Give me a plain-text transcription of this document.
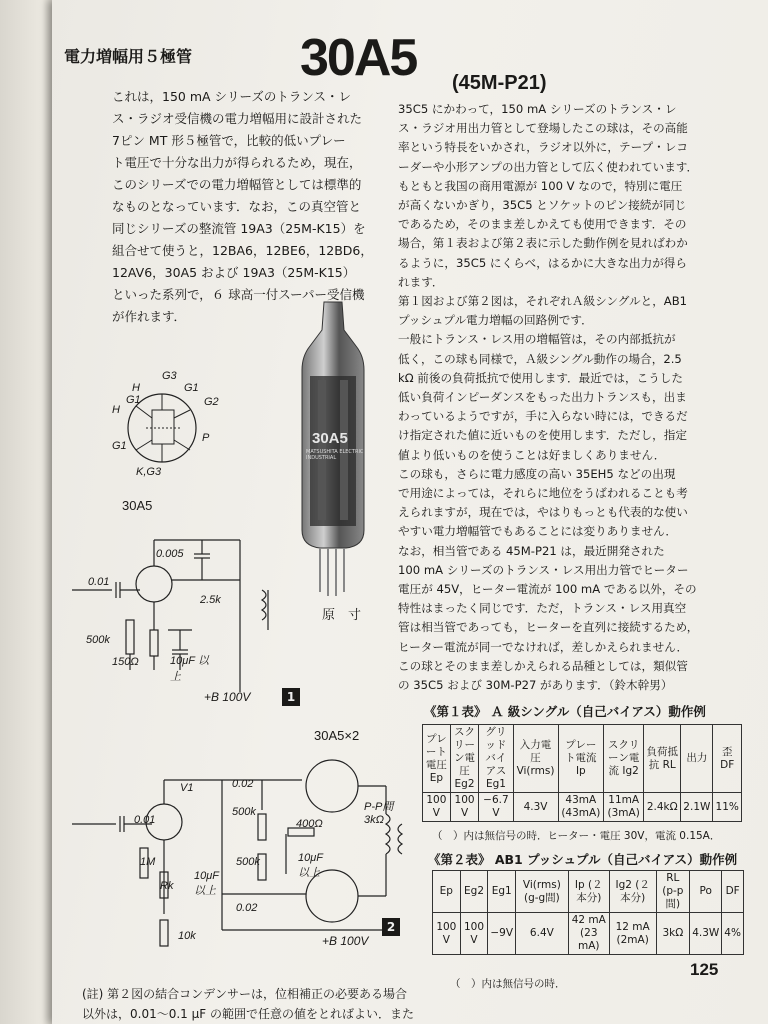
電力増幅用５極管 30A5 (45M-P21)

これは，150 mA シリーズのトランス・レ

ス・ラジオ受信機の電力増幅用に設計された

7ピン MT 形５極管で，比較的低いプレー

ト電圧で十分な出力が得られるため，現在，

このシリーズでの電力増幅管としては標準的

なものとなっています．なお，この真空管と

同じシリーズの整流管 19A3（25M-K15）を

組合せて使うと，12BA6，12BE6，12BD6，

12AV6，30A5 および 19A3（25M-K15）

といった系列で，６ 球高一付スーパー受信機

が作れます．

35C5 にかわって，150 mA シリーズのトランス・レ

ス・ラジオ用出力管として登場したこの球は，その高能

率という特長をいかされ，ラジオ以外に，テープ・レコ

ーダーや小形アンプの出力管として広く使われています．

もともと我国の商用電源が 100 V なので，特別に電圧

が高くないかぎり，35C5 とソケットのピン接続が同じ

であるため，そのまま差しかえても使用できます．その

場合，第１表および第２表に示した動作例を見ればわか

るように，35C5 にくらべ，はるかに大きな出力が得ら

れます．

第１図および第２図は，それぞれＡ級シングルと，AB1

プッシュプル電力増幅の回路例です．

一般にトランス・レス用の増幅管は，その内部抵抗が

低く，この球も同様で，Ａ級シングル動作の場合，2.5

kΩ 前後の負荷抵抗で使用します．最近では，こうした

低い負荷インピーダンスをもった出力トランスも，出ま

わっているようですが，手に入らない時には，できるだ

け指定された値に近いものを使用します．ただし，指定

値より低いものを使うことは好ましくありません．

この球も，さらに電力感度の高い 35EH5 などの出現

で用途によっては，それらに地位をうばわれることも考

えられますが，現在では，やはりもっとも代表的な使い

やすい電力増幅管でもあることには変りありません．

なお，相当管である 45M-P21 は，最近開発された

100 mA シリーズのトランス・レス用出力管でヒーター

電圧が 45V，ヒーター電流が 100 mA である以外，その

特性はまったく同じです．ただ，トランス・レス用真空

管は相当管であっても，ヒーターを直列に接続するため，

ヒーター電流が同一でなければ，差しかえられません．

この球とそのまま差しかえられる品種としては，類似管

の 35C5 および 30M-P27 があります．（鈴木幹男）

30A5
MATSUSHITA ELECTRIC INDUSTRIAL
原　寸
H
G3
G1
H
G1
K,G3
P
G2
G1
30A5
0.005
0.01
2.5k
500k
150Ω	10μF 以上
+B 100V	1
30A5×2
V1	0.02
500k
400Ω
P-P間 3kΩ
0.01
1M
Rk
10μF 以上
500k	10μF 以上
0.02
10k	+B 100V
2
《第１表》 Ａ 級シングル（自己バイアス）動作例
プレート電圧 Ep	スクリーン電圧 Eg2	グリッドバイアス Eg1	入力電圧 Vi(rms)	プレート電流 Ip	スクリーン電流 Ig2	負荷抵抗 RL	出力	歪 DF
100 V	100 V	−6.7 V	4.3V	43mA (43mA)	11mA (3mA)	2.4kΩ	2.1W	11%
（　）内は無信号の時．ヒーター・電圧 30V，電流 0.15A．
《第２表》 AB1 プッシュプル（自己バイアス）動作例
Ep	Eg2	Eg1	Vi(rms) (g-g間)	Ip (２本分)	Ig2 (２本分)	RL (p-p間)	Po	DF
100 V	100 V	−9V	6.4V	42 mA (23 mA)	12 mA (2mA)	3kΩ	4.3W	4%
（　）内は無信号の時．
125
(註) 第２図の結合コンデンサーは，位相補正の必要ある場合
以外は，0.01〜0.1 μF の範囲で任意の値をとればよい．また
